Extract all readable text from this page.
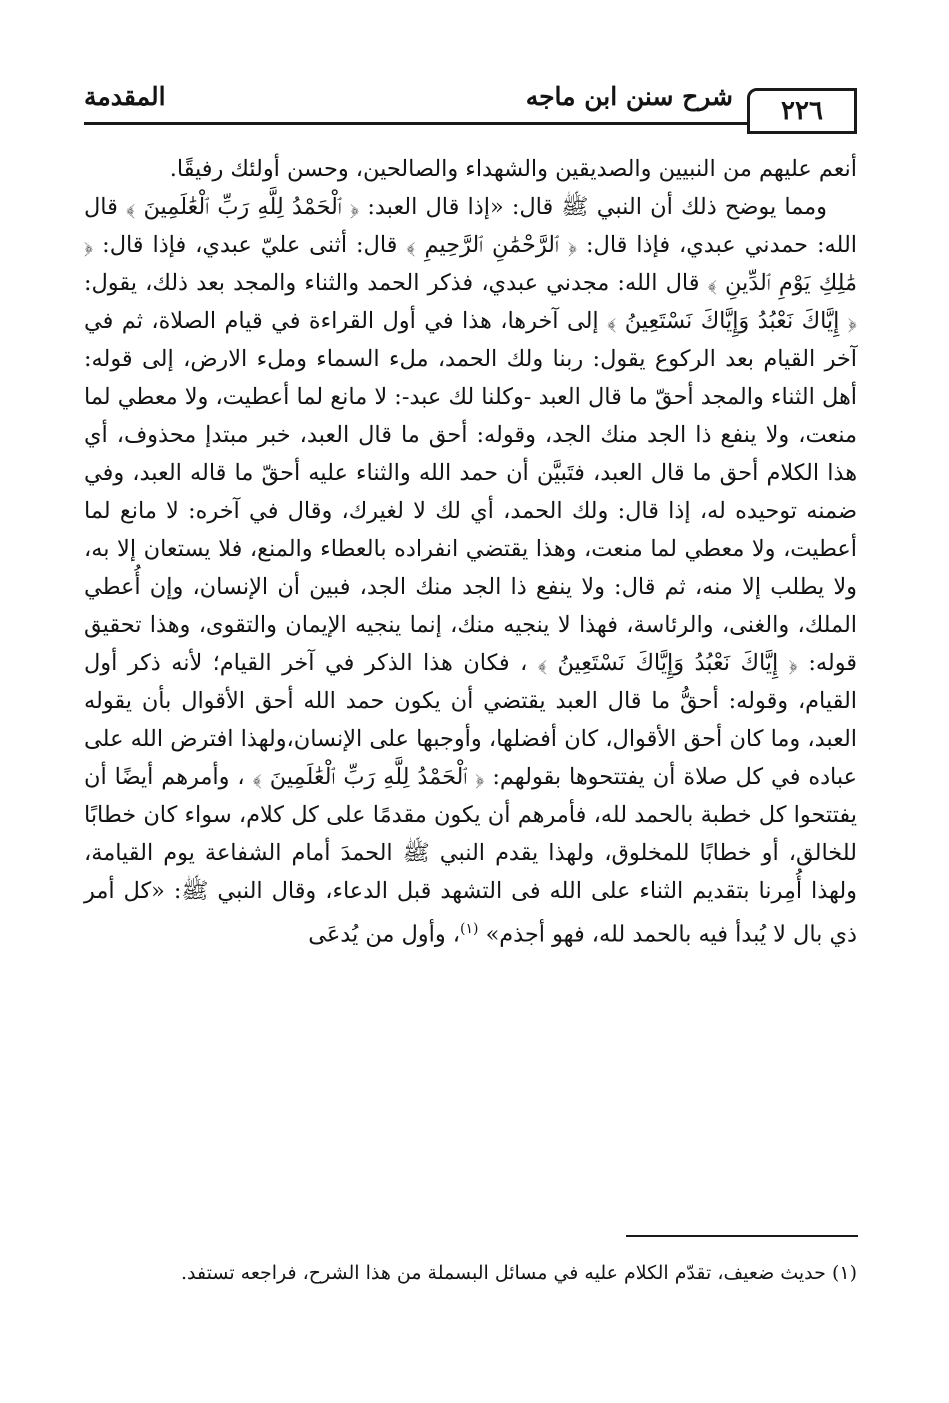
٢٢٦
شرح سنن ابن ماجه
المقدمة

أنعم عليهم من النبيين والصديقين والشهداء والصالحين، وحسن أولئك رفيقًا.

ومما يوضح ذلك أن النبي ﷺ قال: «إذا قال العبد: ﴿ ٱلْحَمْدُ لِلَّهِ رَبِّ ٱلْعَٰلَمِينَ ﴾ قال الله: حمدني عبدي، فإذا قال: ﴿ ٱلرَّحْمَٰنِ ٱلرَّحِيمِ ﴾ قال: أثنى عليّ عبدي، فإذا قال: ﴿ مَٰلِكِ يَوْمِ ٱلدِّينِ ﴾ قال الله: مجدني عبدي، فذكر الحمد والثناء والمجد بعد ذلك، يقول: ﴿ إِيَّاكَ نَعْبُدُ وَإِيَّاكَ نَسْتَعِينُ ﴾ إلى آخرها، هذا في أول القراءة في قيام الصلاة، ثم في آخر القيام بعد الركوع يقول: ربنا ولك الحمد، ملء السماء وملء الارض، إلى قوله: أهل الثناء والمجد أحقّ ما قال العبد -وكلنا لك عبد-: لا مانع لما أعطيت، ولا معطي لما منعت، ولا ينفع ذا الجد منك الجد، وقوله: أحق ما قال العبد، خبر مبتدإ محذوف، أي هذا الكلام أحق ما قال العبد، فتَبيَّن أن حمد الله والثناء عليه أحقّ ما قاله العبد، وفي ضمنه توحيده له، إذا قال: ولك الحمد، أي لك لا لغيرك، وقال في آخره: لا مانع لما أعطيت، ولا معطي لما منعت، وهذا يقتضي انفراده بالعطاء والمنع، فلا يستعان إلا به، ولا يطلب إلا منه، ثم قال: ولا ينفع ذا الجد منك الجد، فبين أن الإنسان، وإن أُعطي الملك، والغنى، والرئاسة، فهذا لا ينجيه منك، إنما ينجيه الإيمان والتقوى، وهذا تحقيق قوله: ﴿ إِيَّاكَ نَعْبُدُ وَإِيَّاكَ نَسْتَعِينُ ﴾ ، فكان هذا الذكر في آخر القيام؛ لأنه ذكر أول القيام، وقوله: أحقُّ ما قال العبد يقتضي أن يكون حمد الله أحق الأقوال بأن يقوله العبد، وما كان أحق الأقوال، كان أفضلها، وأوجبها على الإنسان،ولهذا افترض الله على عباده في كل صلاة أن يفتتحوها بقولهم: ﴿ ٱلْحَمْدُ لِلَّهِ رَبِّ ٱلْعَٰلَمِينَ ﴾ ، وأمرهم أيضًا أن يفتتحوا كل خطبة بالحمد لله، فأمرهم أن يكون مقدمًا على كل كلام، سواء كان خطابًا للخالق، أو خطابًا للمخلوق، ولهذا يقدم النبي ﷺ الحمدَ أمام الشفاعة يوم القيامة، ولهذا أُمِرنا بتقديم الثناء على الله فى التشهد قبل الدعاء، وقال النبي ﷺ: «كل أمر ذي بال لا يُبدأ فيه بالحمد لله، فهو أجذم» $^{(١)}$، وأول من يُدعَى

(١) حديث ضعيف، تقدّم الكلام عليه في مسائل البسملة من هذا الشرح، فراجعه تستفد.
